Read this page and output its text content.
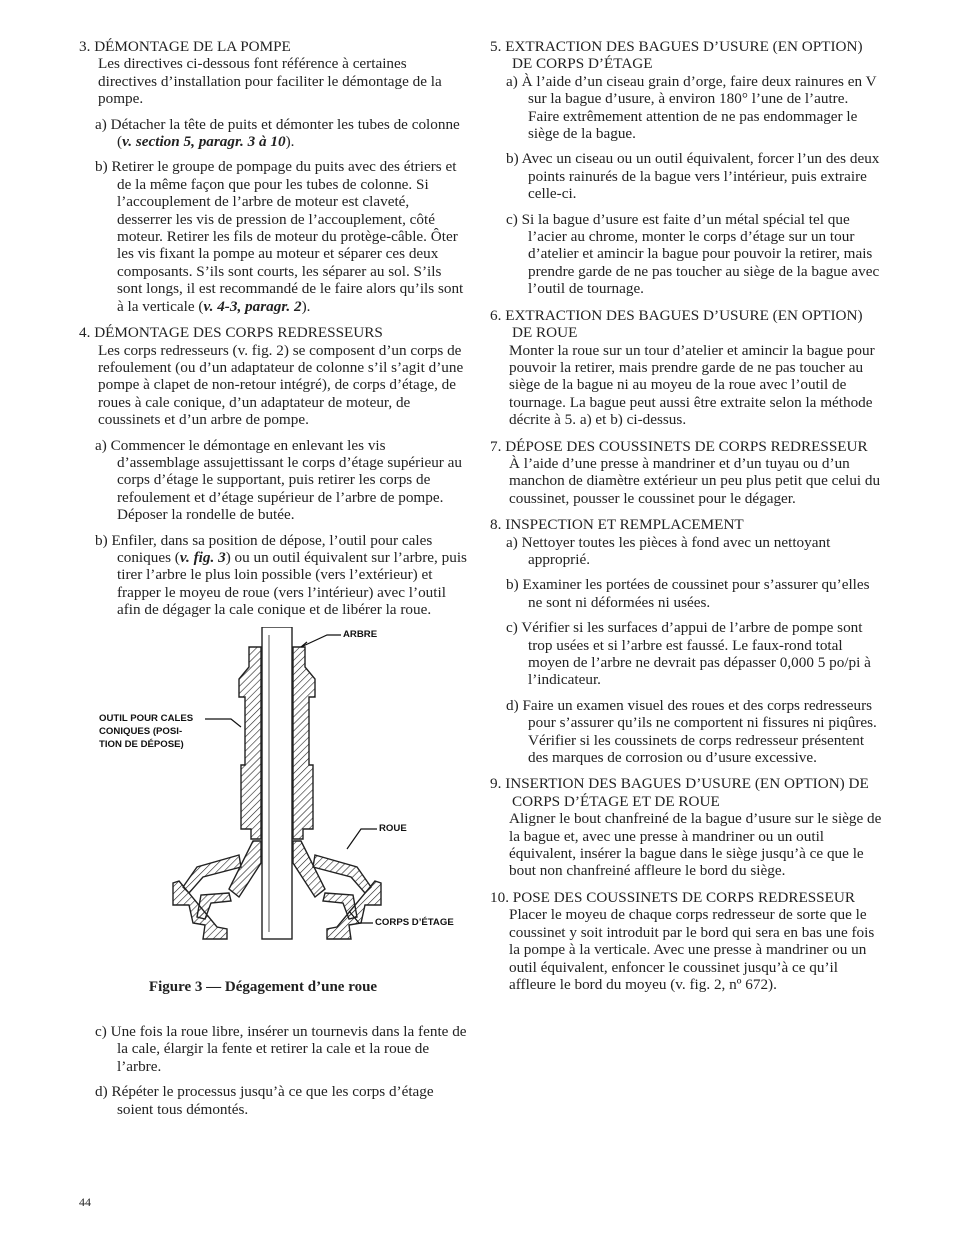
3. DÉMONTAGE DE LA POMPE

Les directives ci-dessous font référence à certaines directives d’installation pour faciliter le démontage de la pompe.

a) Détacher la tête de puits et démonter les tubes de colonne (v. section 5, paragr. 3 à 10).

b) Retirer le groupe de pompage du puits avec des étriers et de la même façon que pour les tubes de colonne. Si l’accouplement de l’arbre de moteur est claveté, desserrer les vis de pression de l’accouplement, côté moteur. Retirer les fils de moteur du protège-câble. Ôter les vis fixant la pompe au moteur et séparer ces deux composants. S’ils sont courts, les séparer au sol. S’ils sont longs, il est recommandé de le faire alors qu’ils sont à la verticale (v. 4-3, paragr. 2).

4. DÉMONTAGE DES CORPS REDRESSEURS

Les corps redresseurs (v. fig. 2) se composent d’un corps de refoulement (ou d’un adaptateur de colonne s’il s’agit d’une pompe à clapet de non-retour intégré), de corps d’étage, de roues à cale conique, d’un adaptateur de moteur, de coussinets et d’un arbre de pompe.

a) Commencer le démontage en enlevant les vis d’assemblage assujettissant le corps d’étage supérieur au corps d’étage le supportant, puis retirer les corps de refoulement et d’étage supérieur de l’arbre de pompe. Déposer la rondelle de butée.

b) Enfiler, dans sa position de dépose, l’outil pour cales coniques (v. fig. 3) ou un outil équivalent sur l’arbre, puis tirer l’arbre le plus loin possible (vers l’extérieur) et frapper le moyeu de roue (vers l’intérieur) avec l’outil afin de dégager la cale conique et de libérer la roue.

ARBRE
OUTIL POUR CALES
CONIQUES (POSI-
TION DE DÉPOSE)
ROUE
CORPS D’ÉTAGE

Figure 3 — Dégagement d’une roue

c) Une fois la roue libre, insérer un tournevis dans la fente de la cale, élargir la fente et retirer la cale et la roue de l’arbre.

d) Répéter le processus jusqu’à ce que les corps d’étage soient tous démontés.

5. EXTRACTION DES BAGUES D’USURE (EN OPTION) DE CORPS D’ÉTAGE

a) À l’aide d’un ciseau grain d’orge, faire deux rainures en V sur la bague d’usure, à environ 180° l’une de l’autre. Faire extrêmement attention de ne pas endommager le siège de la bague.

b) Avec un ciseau ou un outil équivalent, forcer l’un des deux points rainurés de la bague vers l’intérieur, puis extraire celle-ci.

c) Si la bague d’usure est faite d’un métal spécial tel que l’acier au chrome, monter le corps d’étage sur un tour d’atelier et amincir la bague pour pouvoir la retirer, mais prendre garde de ne pas toucher au siège de la bague avec l’outil de tournage.

6. EXTRACTION DES BAGUES D’USURE (EN OPTION) DE ROUE

Monter la roue sur un tour d’atelier et amincir la bague pour pouvoir la retirer, mais prendre garde de ne pas toucher au siège de la bague ni au moyeu de la roue avec l’outil de tournage. La bague peut aussi être extraite selon la méthode décrite à 5. a) et b) ci-dessus.

7. DÉPOSE DES COUSSINETS DE CORPS REDRESSEUR

À l’aide d’une presse à mandriner et d’un tuyau ou d’un manchon de diamètre extérieur un peu plus petit que celui du coussinet, pousser le coussinet pour le dégager.

8. INSPECTION ET REMPLACEMENT

a) Nettoyer toutes les pièces à fond avec un nettoyant approprié.

b) Examiner les portées de coussinet pour s’assurer qu’elles ne sont ni déformées ni usées.

c) Vérifier si les surfaces d’appui de l’arbre de pompe sont trop usées et si l’arbre est faussé. Le faux-rond total moyen de l’arbre ne devrait pas dépasser 0,000 5 po/pi à l’indicateur.

d) Faire un examen visuel des roues et des corps redresseurs pour s’assurer qu’ils ne comportent ni fissures ni piqûres. Vérifier si les coussinets de corps redresseur présentent des marques de corrosion ou d’usure excessive.

9. INSERTION DES BAGUES D’USURE (EN OPTION) DE CORPS D’ÉTAGE ET DE ROUE

Aligner le bout chanfreiné de la bague d’usure sur le siège de la bague et, avec une presse à mandriner ou un outil équivalent, insérer la bague dans le siège jusqu’à ce que le bout non chanfreiné affleure le bord du siège.

10. POSE DES COUSSINETS DE CORPS REDRESSEUR

Placer le moyeu de chaque corps redresseur de sorte que le coussinet y soit introduit par le bord qui sera en bas une fois la pompe à la verticale. Avec une presse à mandriner ou un outil équivalent, enfoncer le coussinet jusqu’à ce qu’il affleure le bord du moyeu (v. fig. 2, nº 672).

44
